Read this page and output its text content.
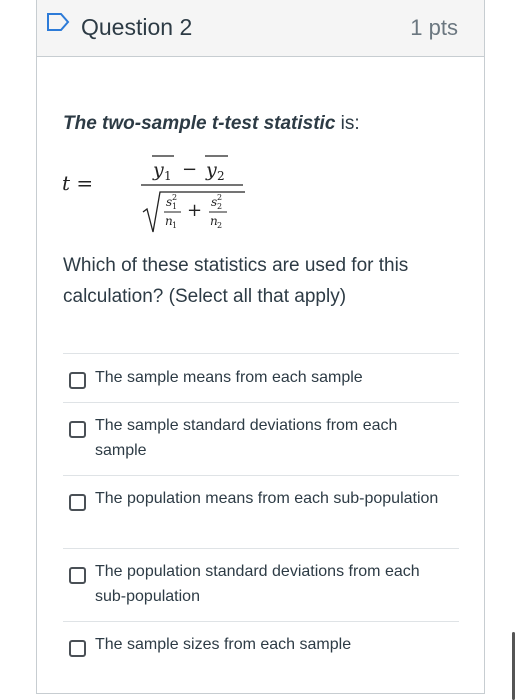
Question 2	1 pts
The two-sample t-test statistic is:
t =
y 1 − y 2
s 2
1
n 1
+ s 2
2
n 2
Which of these statistics are used for this calculation? (Select all that apply)
The sample means from each sample
The sample standard deviations from each sample
The population means from each sub-population
The population standard deviations from each sub-population
The sample sizes from each sample
